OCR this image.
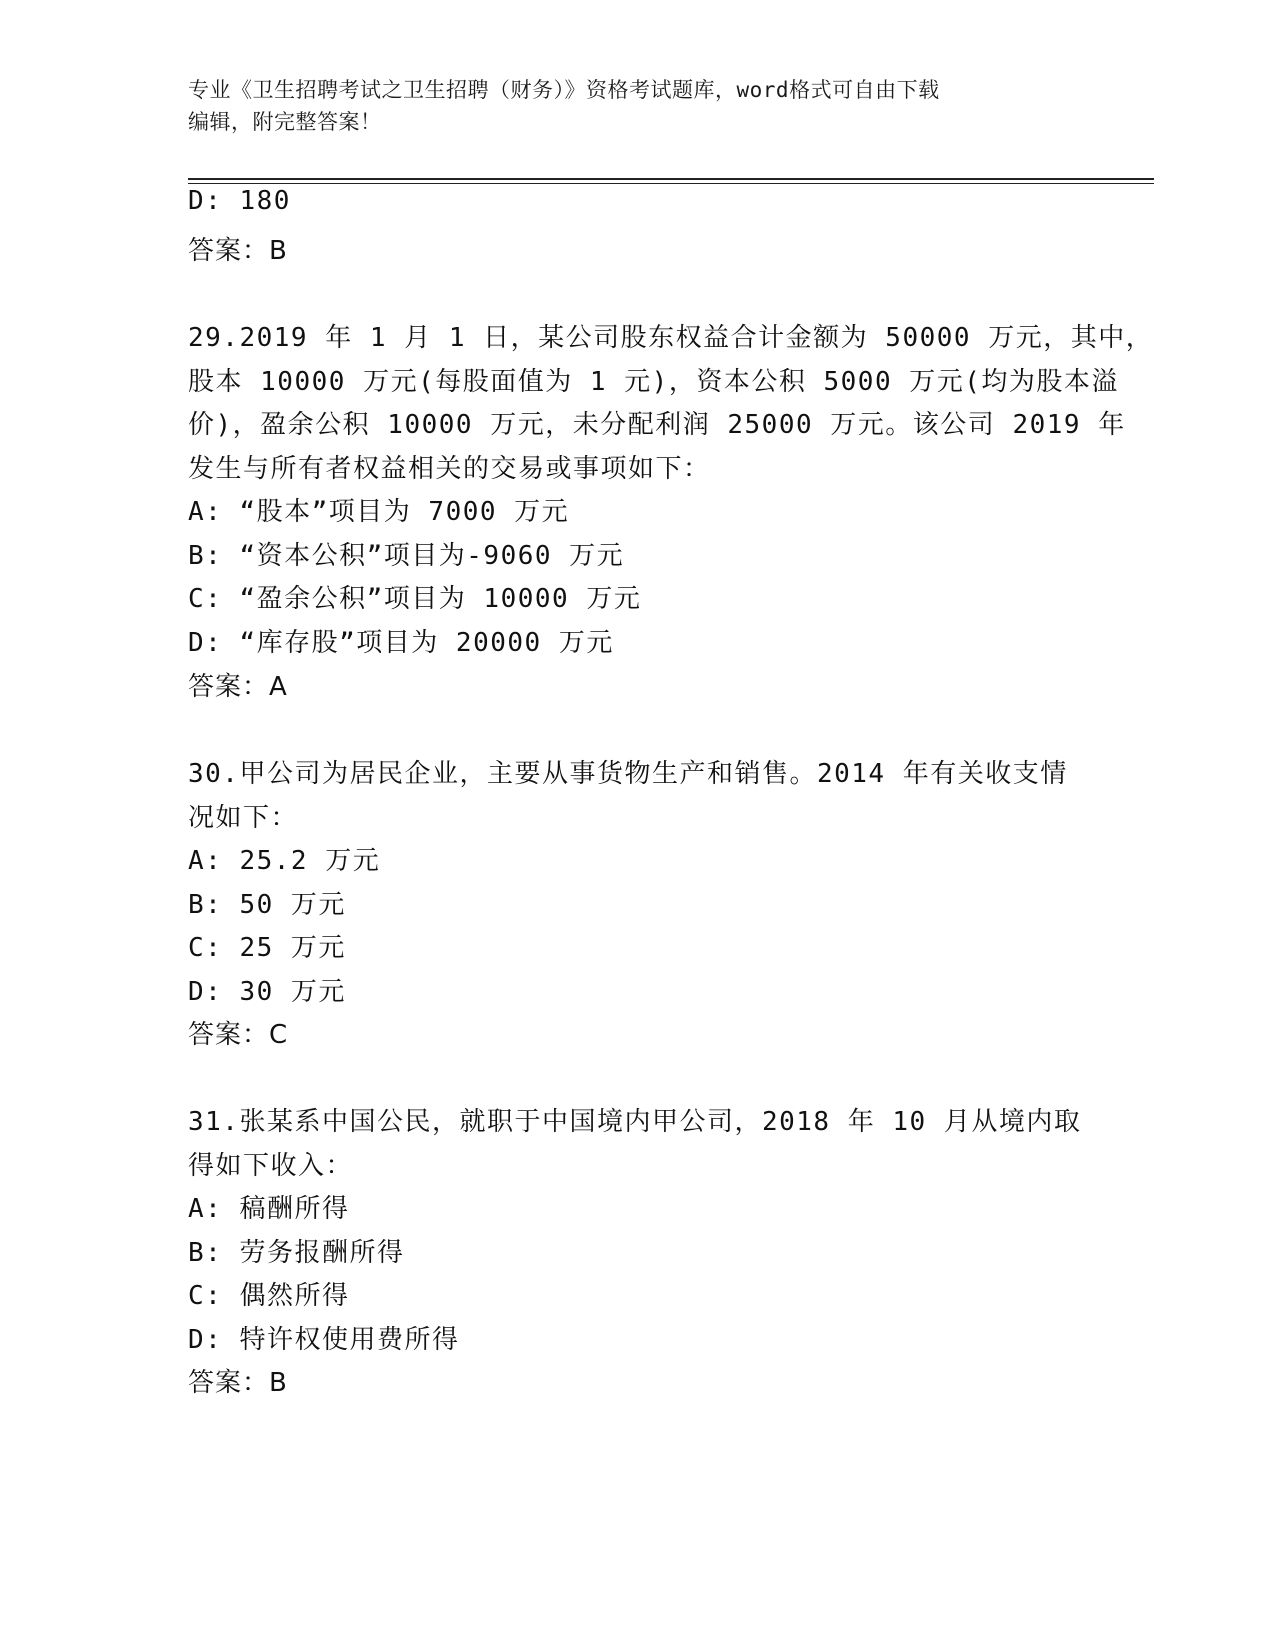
专业《卫生招聘考试之卫生招聘（财务）》资格考试题库，word格式可自由下载
编辑，附完整答案！
D: 180
答案：B
29.2019 年 1 月 1 日，某公司股东权益合计金额为 50000 万元，其中，
股本 10000 万元(每股面值为 1 元)，资本公积 5000 万元(均为股本溢
价)，盈余公积 10000 万元，未分配利润 25000 万元。该公司 2019 年
发生与所有者权益相关的交易或事项如下：
A: “股本”项目为 7000 万元
B: “资本公积”项目为-9060 万元
C: “盈余公积”项目为 10000 万元
D: “库存股”项目为 20000 万元
答案：A
30.甲公司为居民企业，主要从事货物生产和销售。2014 年有关收支情
况如下：
A: 25.2 万元
B: 50 万元
C: 25 万元
D: 30 万元
答案：C
31.张某系中国公民，就职于中国境内甲公司，2018 年 10 月从境内取
得如下收入：
A: 稿酬所得
B: 劳务报酬所得
C: 偶然所得
D: 特许权使用费所得
答案：B
